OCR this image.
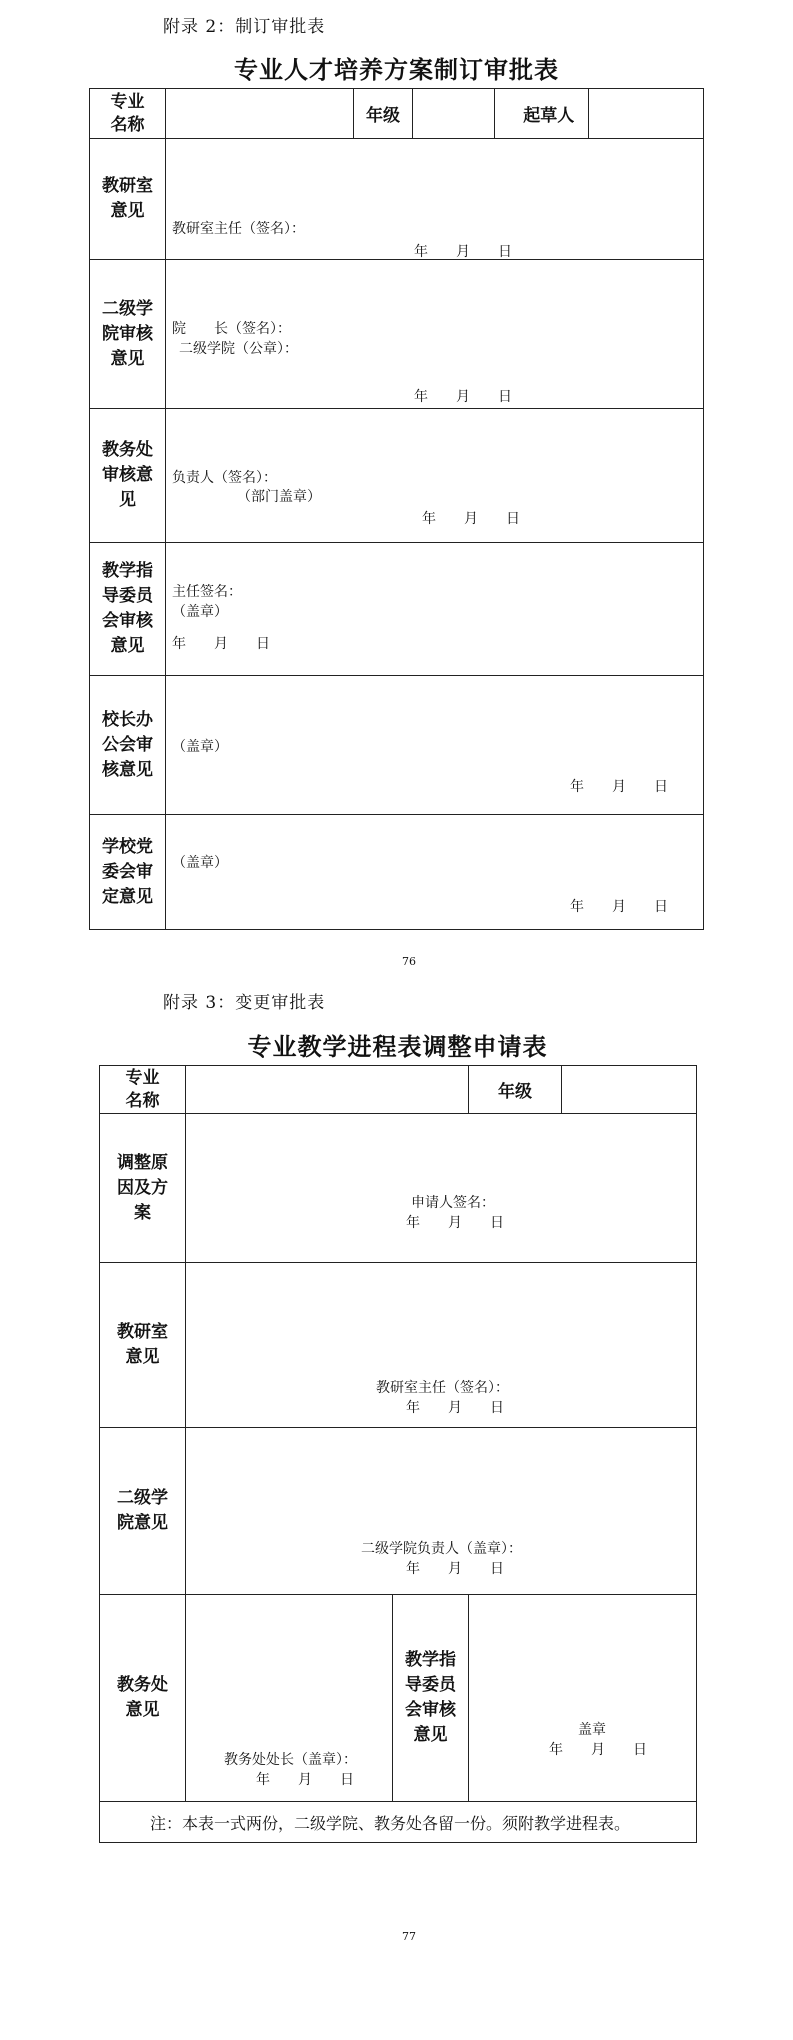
附录 2：制订审批表
专业人才培养方案制订审批表
专业
名称		年级			起草人	
教研室
意见	教研室主任（签名）：
年　　月　　日					

二级学
院审核
意见	院　　长（签名）：
二级学院（公章）：
年　　月　　日					

教务处
审核意
见	负责人（签名）：
（部门盖章）
年　　月　　日					

教学指
导委员
会审核
意见	主任签名：
（盖章）
年　　月　　日					

校长办
公会审
核意见	（盖章）
年　　月　　日					

学校党
委会审
定意见	（盖章）
年　　月　　日					
76
附录 3：变更审批表
专业教学进程表调整申请表
专业
名称			年级	
调整原
因及方
案	申请人签名：
年　　月　　日			

教研室
意见	教研室主任（签名）：
年　　月　　日			

二级学
院意见	二级学院负责人（盖章）：
年　　月　　日			

教务处
意见	教务处处长（盖章）：
年　　月　　日	教学指
导委员
会审核
意见	盖章
年　　月　　日	

注：本表一式两份，二级学院、教务处各留一份。须附教学进程表。				
77
